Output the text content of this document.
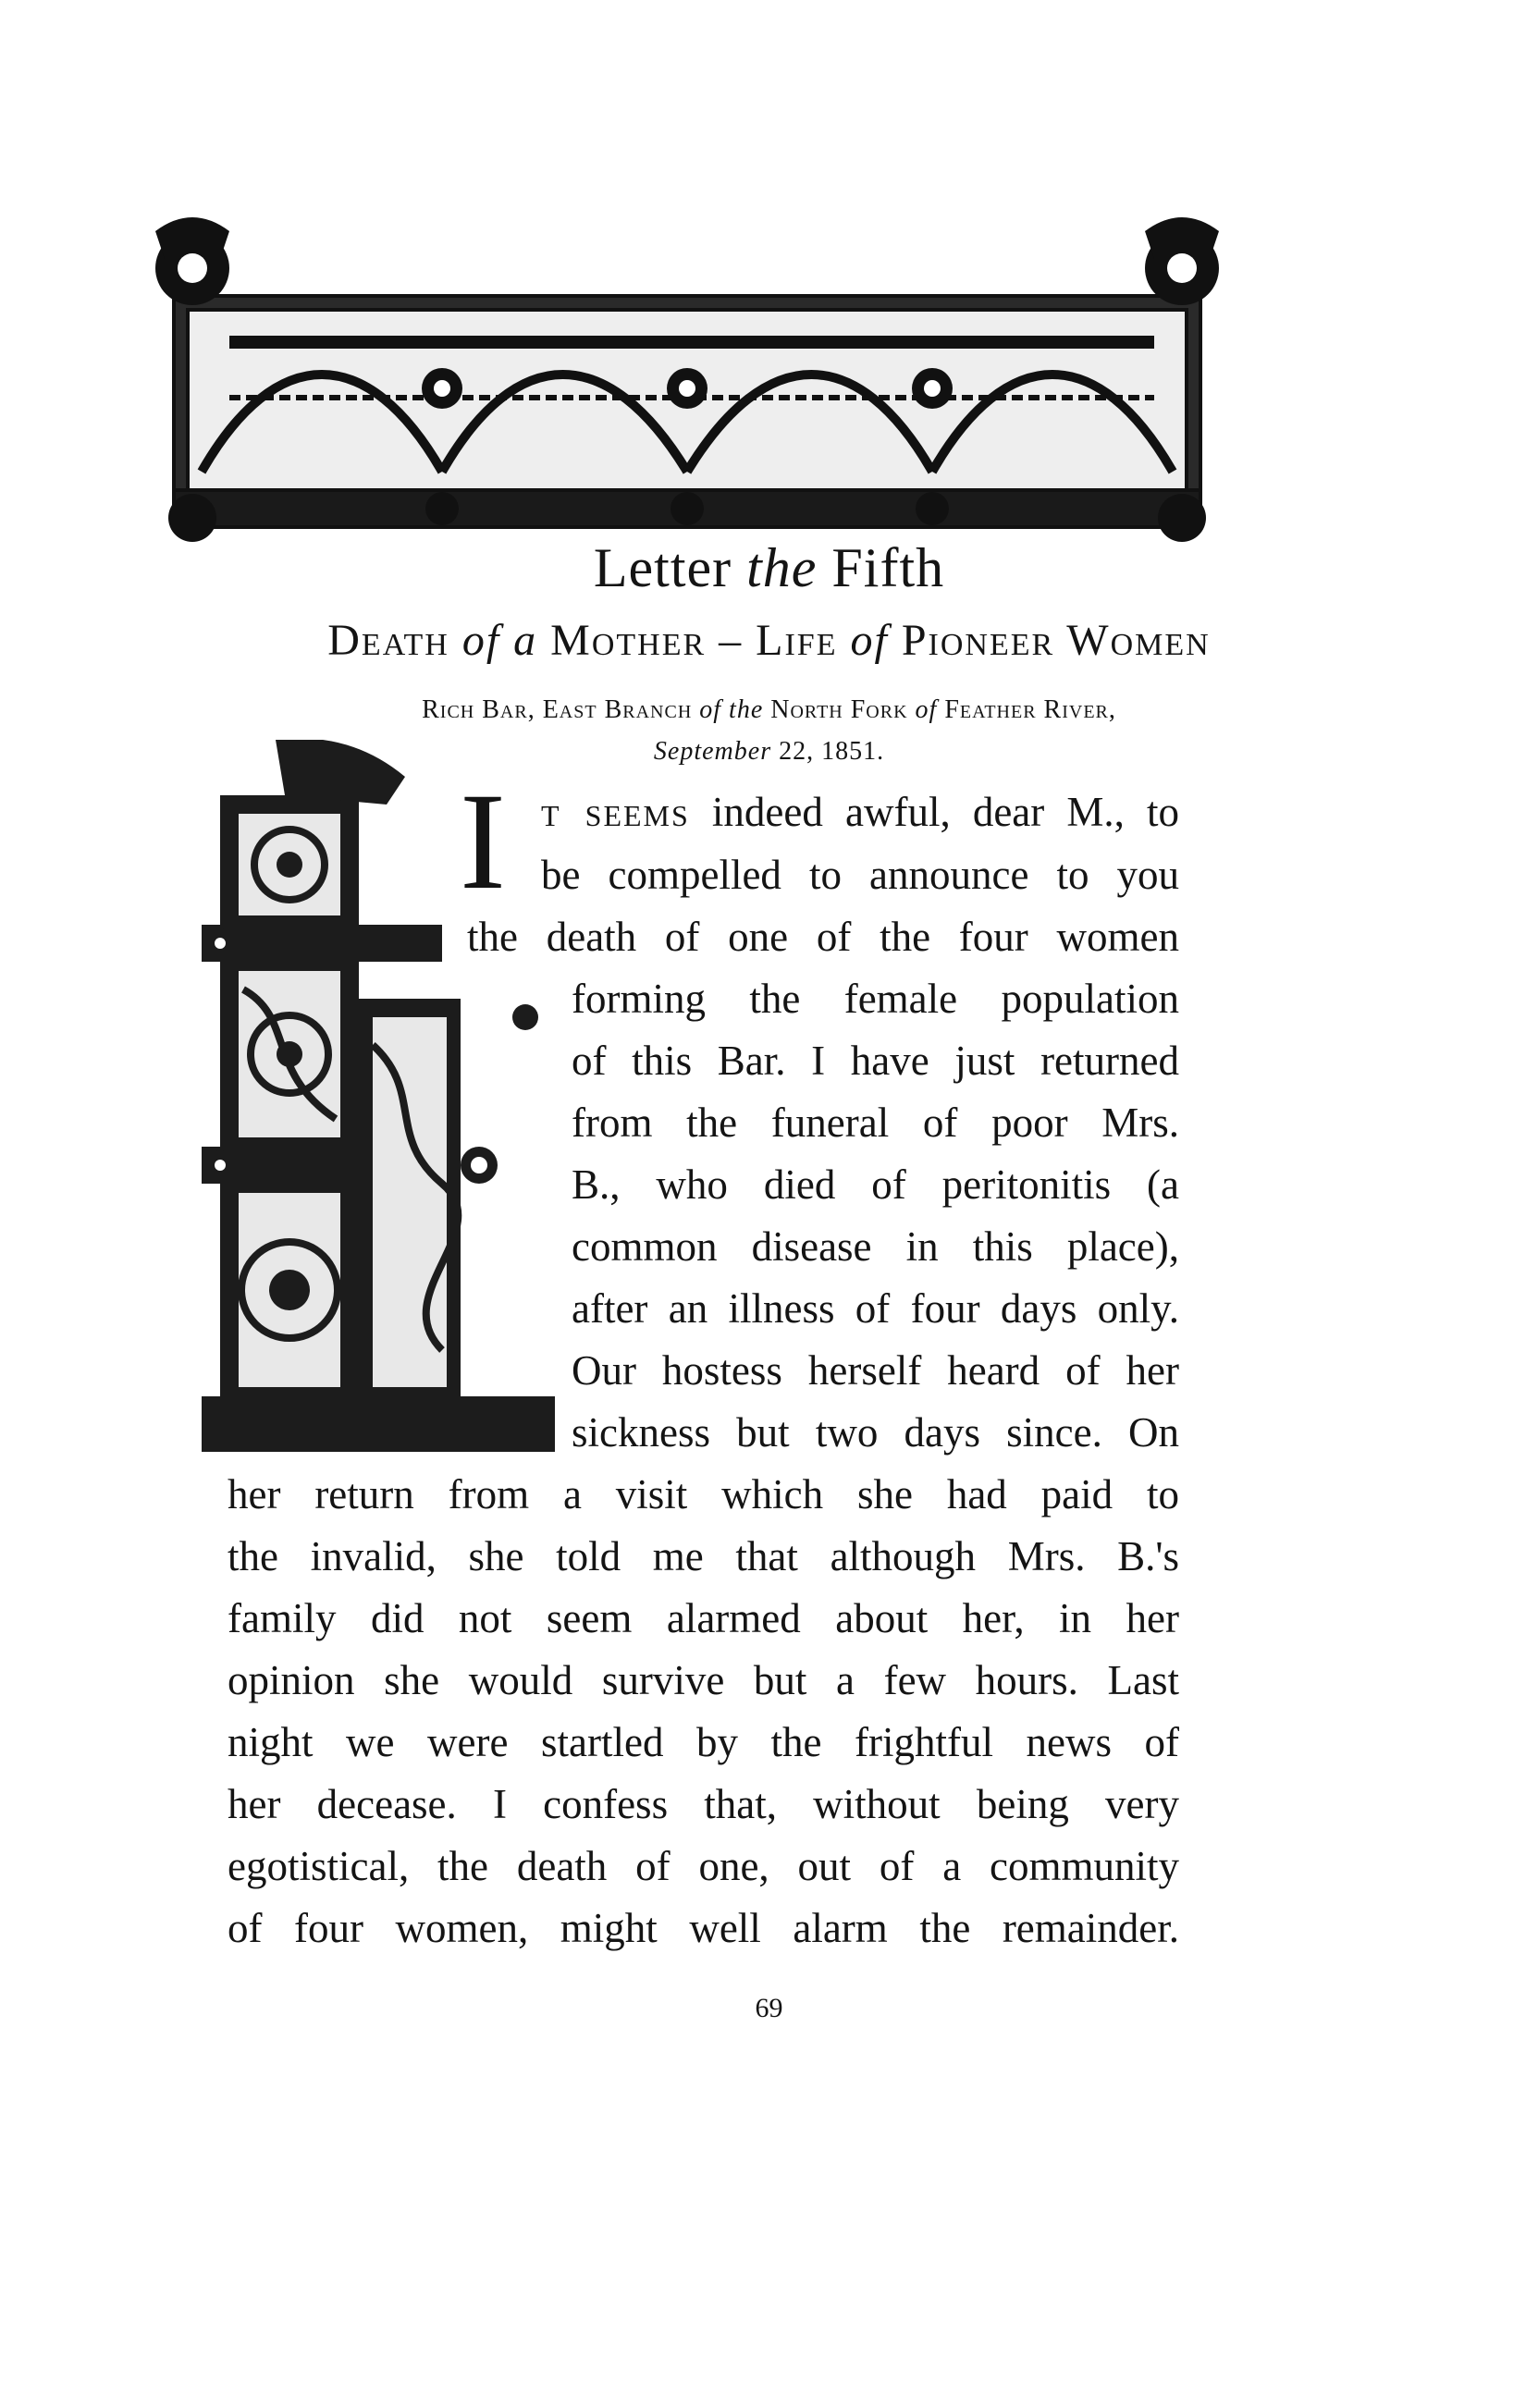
Letter the Fifth
Death of a Mother – Life of Pioneer Women
Rich Bar, East Branch of the North Fork of Feather River,
September 22, 1851.
I t seems indeed awful, dear M., to
be compelled to announce to you
the death of one of the four women
forming the female population
of this Bar. I have just returned
from the funeral of poor Mrs.
B., who died of peritonitis (a
common disease in this place),
after an illness of four days only.
Our hostess herself heard of her
sickness but two days since. On
her return from a visit which she had paid to
the invalid, she told me that although Mrs. B.'s
family did not seem alarmed about her, in her
opinion she would survive but a few hours. Last
night we were startled by the frightful news of
her decease. I confess that, without being very
egotistical, the death of one, out of a community
of four women, might well alarm the remainder.
69
